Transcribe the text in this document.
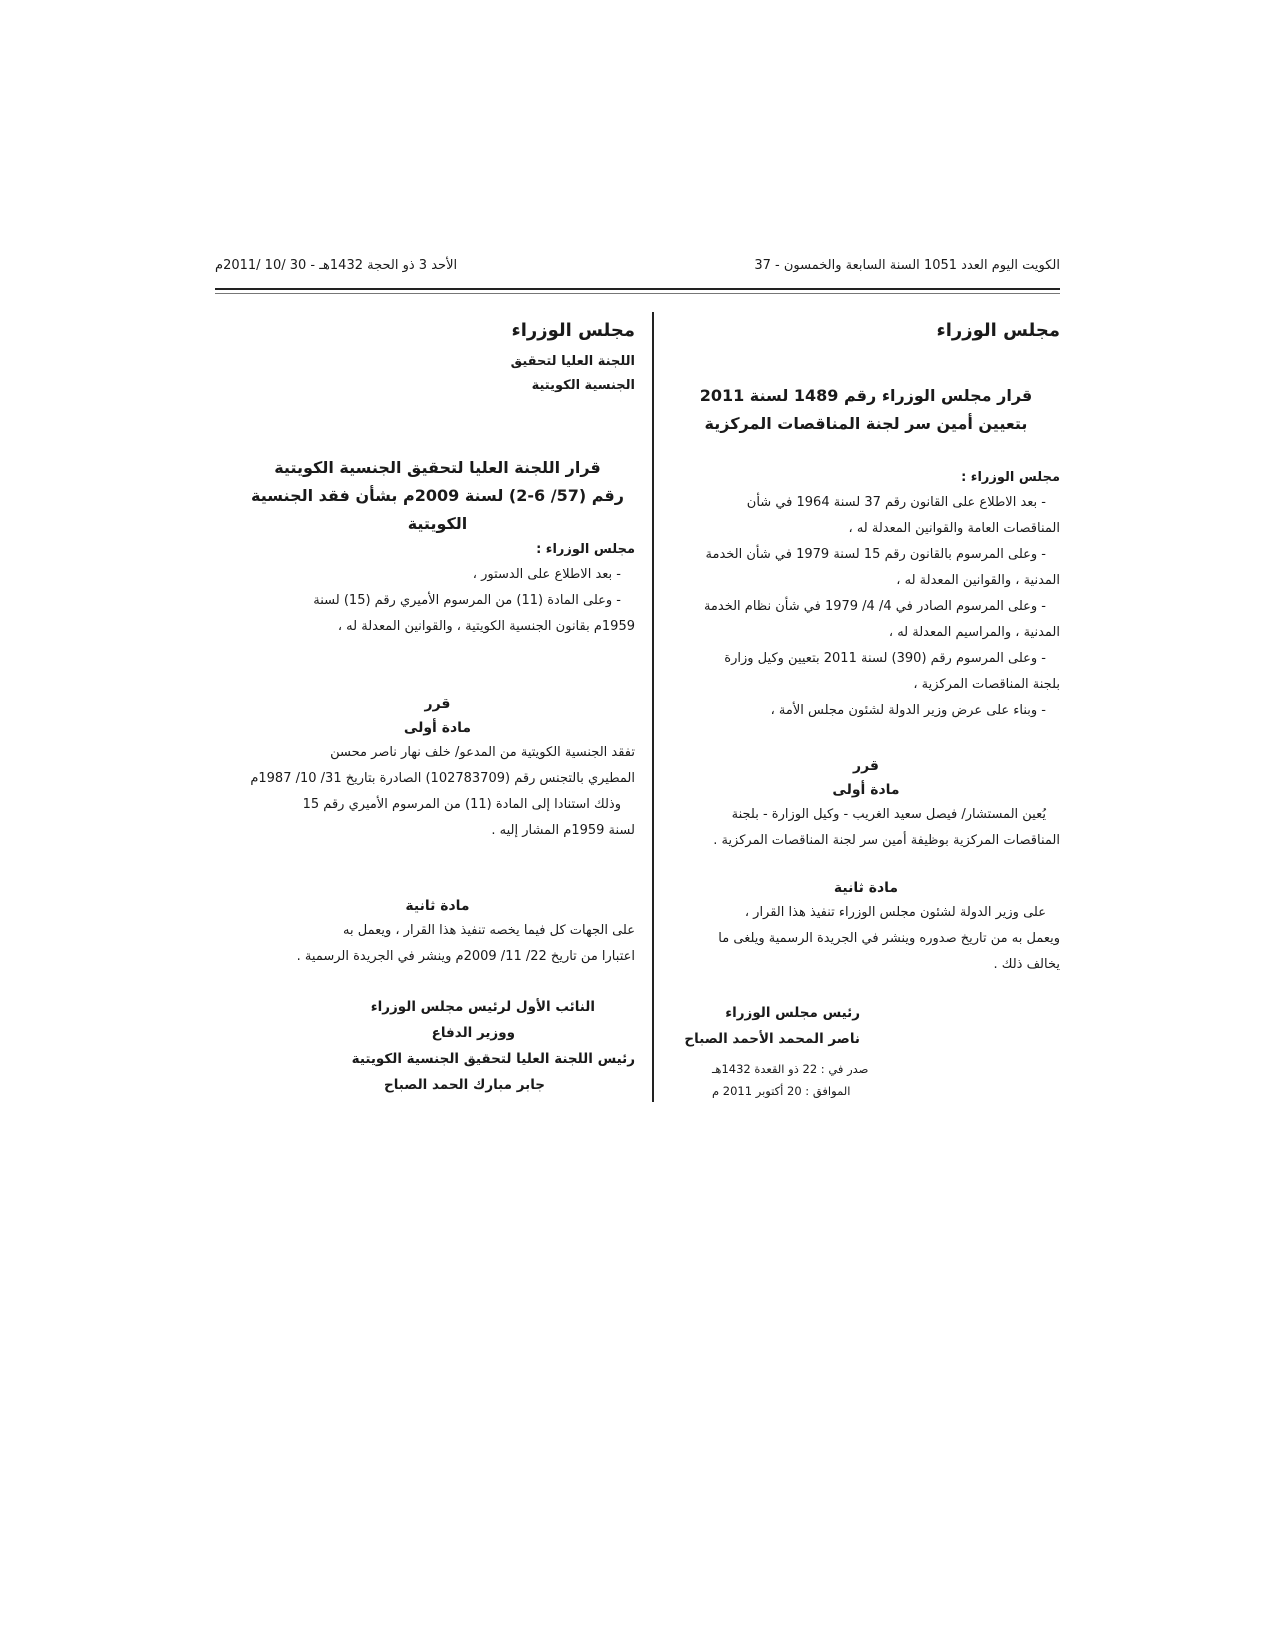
الكويت اليوم العدد 1051 السنة السابعة والخمسون - 37
الأحد 3 ذو الحجة 1432هـ - 30 /10 /2011م
مجلس الوزراء
قرار مجلس الوزراء رقم 1489 لسنة 2011
بتعيين أمين سر لجنة المناقصات المركزية
مجلس الوزراء :
- بعد الاطلاع على القانون رقم 37 لسنة 1964 في شأن
المناقصات العامة والقوانين المعدلة له ،
- وعلى المرسوم بالقانون رقم 15 لسنة 1979 في شأن الخدمة
المدنية ، والقوانين المعدلة له ،
- وعلى المرسوم الصادر في 4/ 4/ 1979 في شأن نظام الخدمة
المدنية ، والمراسيم المعدلة له ،
- وعلى المرسوم رقم (390) لسنة 2011 بتعيين وكيل وزارة
بلجنة المناقصات المركزية ،
- وبناء على عرض وزير الدولة لشئون مجلس الأمة ،
قرر
مادة أولى
يُعين المستشار/ فيصل سعيد الغريب - وكيل الوزارة - بلجنة
المناقصات المركزية بوظيفة أمين سر لجنة المناقصات المركزية .
مادة ثانية
على وزير الدولة لشئون مجلس الوزراء تنفيذ هذا القرار ،
ويعمل به من تاريخ صدوره وينشر في الجريدة الرسمية ويلغى ما
يخالف ذلك .
رئيس مجلس الوزراء
ناصر المحمد الأحمد الصباح
صدر في : 22 ذو القعدة 1432هـ
الموافق : 20 أكتوبر 2011 م
مجلس الوزراء
اللجنة العليا لتحقيق
الجنسية الكويتية
قرار اللجنة العليا لتحقيق الجنسية الكويتية
رقم (57/ 6-2) لسنة 2009م بشأن فقد الجنسية الكويتية
مجلس الوزراء :
- بعد الاطلاع على الدستور ،
- وعلى المادة (11) من المرسوم الأميري رقم (15) لسنة
1959م بقانون الجنسية الكويتية ، والقوانين المعدلة له ،
قرر
مادة أولى
تفقد الجنسية الكويتية من المدعو/ خلف نهار ناصر محسن
المطيري بالتجنس رقم (102783709) الصادرة بتاريخ 31/ 10/ 1987م
وذلك استنادا إلى المادة (11) من المرسوم الأميري رقم 15
لسنة 1959م المشار إليه .
مادة ثانية
على الجهات كل فيما يخصه تنفيذ هذا القرار ، ويعمل به
اعتبارا من تاريخ 22/ 11/ 2009م وينشر في الجريدة الرسمية .
النائب الأول لرئيس مجلس الوزراء
ووزير الدفاع
رئيس اللجنة العليا لتحقيق الجنسية الكويتية
جابر مبارك الحمد الصباح
